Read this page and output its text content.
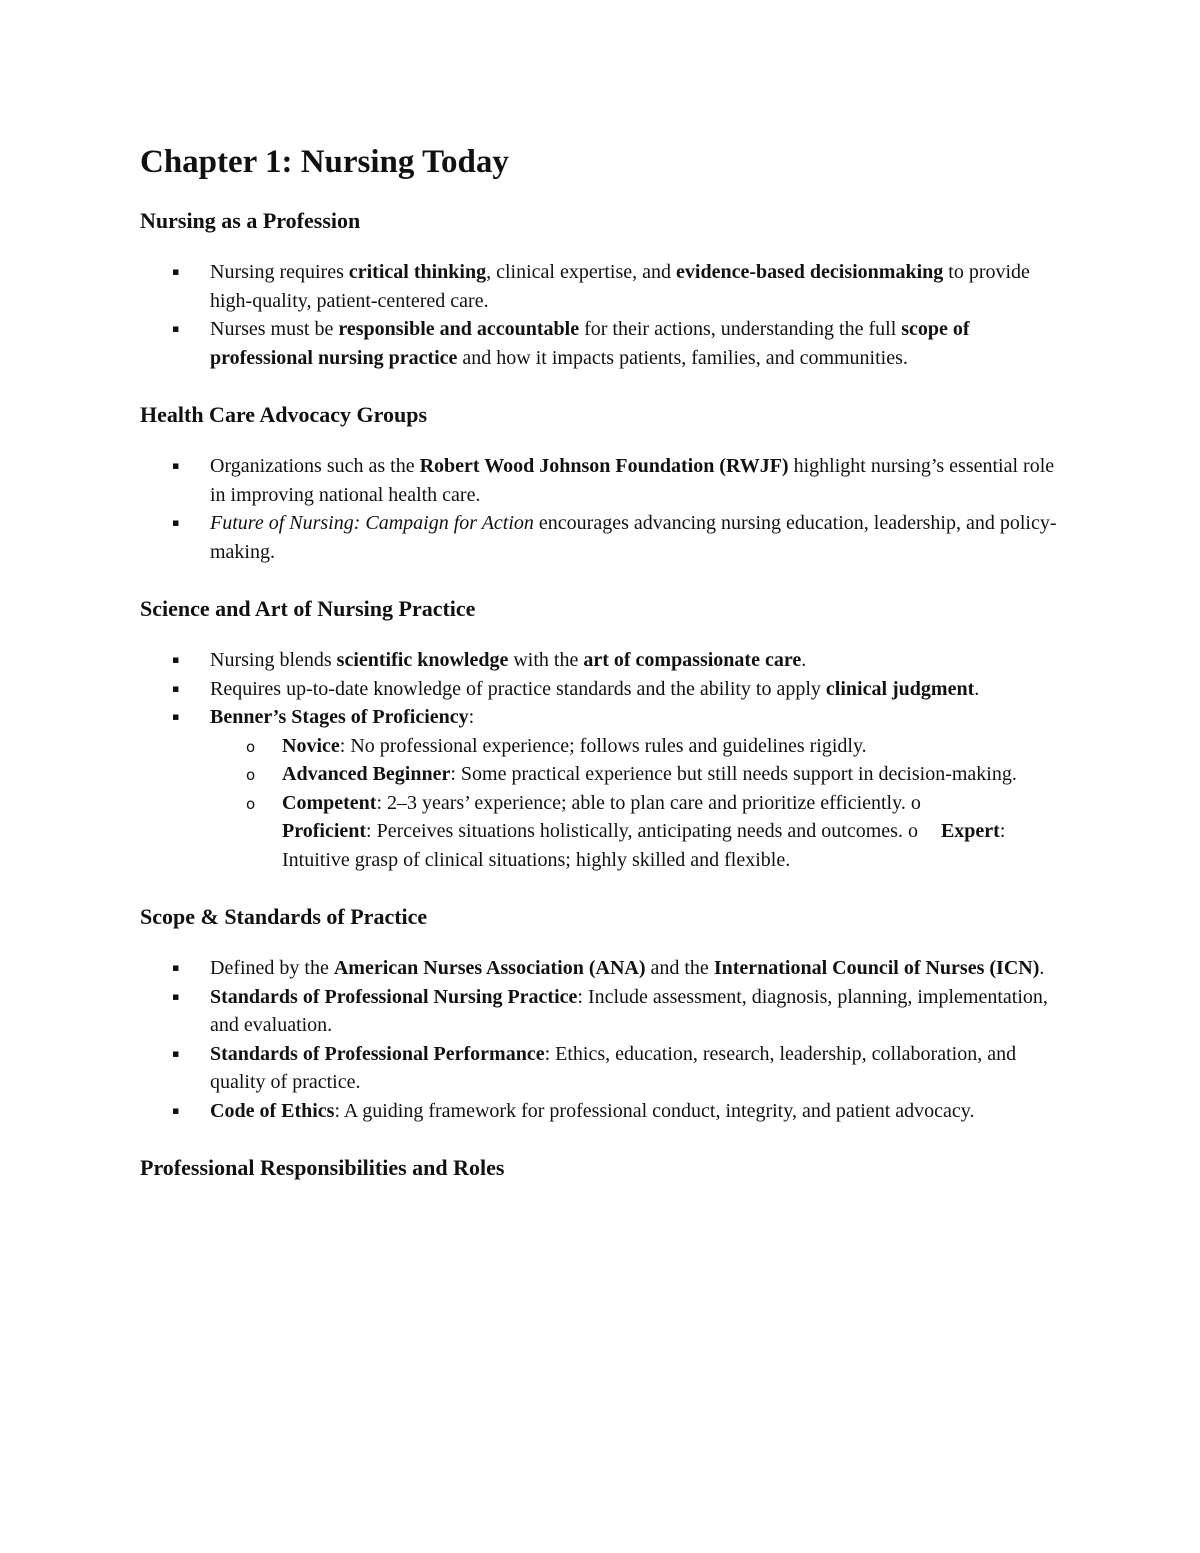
Chapter 1: Nursing Today
Nursing as a Profession
▪ Nursing requires critical thinking, clinical expertise, and evidence-based decisionmaking to provide high-quality, patient-centered care.
▪ Nurses must be responsible and accountable for their actions, understanding the full scope of professional nursing practice and how it impacts patients, families, and communities.
Health Care Advocacy Groups
▪ Organizations such as the Robert Wood Johnson Foundation (RWJF) highlight nursing’s essential role in improving national health care.
▪ Future of Nursing: Campaign for Action encourages advancing nursing education, leadership, and policy-making.
Science and Art of Nursing Practice
▪ Nursing blends scientific knowledge with the art of compassionate care.
▪ Requires up-to-date knowledge of practice standards and the ability to apply clinical judgment.
▪ Benner’s Stages of Proficiency:
o Novice: No professional experience; follows rules and guidelines rigidly.
o Advanced Beginner: Some practical experience but still needs support in decision-making.
o Competent: 2–3 years’ experience; able to plan care and prioritize efficiently. o Proficient: Perceives situations holistically, anticipating needs and outcomes. o Expert: Intuitive grasp of clinical situations; highly skilled and flexible.
Scope & Standards of Practice
▪ Defined by the American Nurses Association (ANA) and the International Council of Nurses (ICN).
▪ Standards of Professional Nursing Practice: Include assessment, diagnosis, planning, implementation, and evaluation.
▪ Standards of Professional Performance: Ethics, education, research, leadership, collaboration, and quality of practice.
▪ Code of Ethics: A guiding framework for professional conduct, integrity, and patient advocacy.
Professional Responsibilities and Roles
